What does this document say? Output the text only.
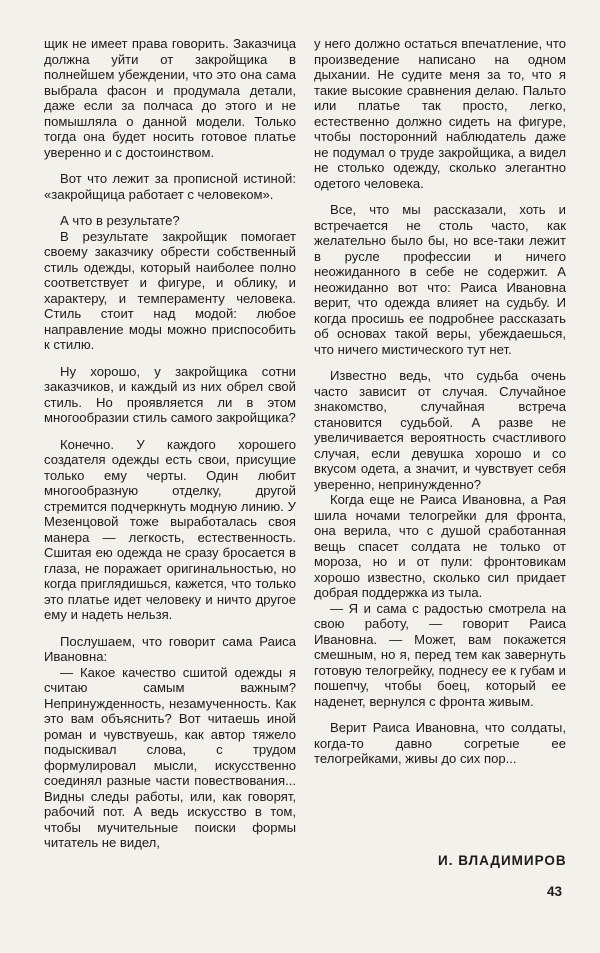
щик не имеет права говорить. Заказчица должна уйти от закройщика в полнейшем убеждении, что это она сама выбрала фасон и продумала детали, даже если за полчаса до этого и не помышляла о данной модели. Только тогда она будет носить готовое платье уверенно и с достоинством.

Вот что лежит за прописной истиной: «закройщица работает с человеком».

А что в результате?

В результате закройщик помогает своему заказчику обрести собственный стиль одежды, который наиболее полно соответствует и фигуре, и облику, и характеру, и темпераменту человека. Стиль стоит над модой: любое направление моды можно приспособить к стилю.

Ну хорошо, у закройщика сотни заказчиков, и каждый из них обрел свой стиль. Но проявляется ли в этом многообразии стиль самого закройщика?

Конечно. У каждого хорошего создателя одежды есть свои, присущие только ему черты. Один любит многообразную отделку, другой стремится подчеркнуть модную линию. У Мезенцовой тоже выработалась своя манера — легкость, естественность. Сшитая ею одежда не сразу бросается в глаза, не поражает оригинальностью, но когда приглядишься, кажется, что только это платье идет человеку и ничто другое ему и надеть нельзя.

Послушаем, что говорит сама Раиса Ивановна:

— Какое качество сшитой одежды я считаю самым важным? Непринужденность, незамученность. Как это вам объяснить? Вот читаешь иной роман и чувствуешь, как автор тяжело подыскивал слова, с трудом формулировал мысли, искусственно соединял разные части повествования... Видны следы работы, или, как говорят, рабочий пот. А ведь искусство в том, чтобы мучительные поиски формы читатель не видел,

у него должно остаться впечатление, что произведение написано на одном дыхании. Не судите меня за то, что я такие высокие сравнения делаю. Пальто или платье так просто, легко, естественно должно сидеть на фигуре, чтобы посторонний наблюдатель даже не подумал о труде закройщика, а видел не столько одежду, сколько элегантно одетого человека.

Все, что мы рассказали, хоть и встречается не столь часто, как желательно было бы, но все-таки лежит в русле профессии и ничего неожиданного в себе не содержит. А неожиданно вот что: Раиса Ивановна верит, что одежда влияет на судьбу. И когда просишь ее подробнее рассказать об основах такой веры, убеждаешься, что ничего мистического тут нет.

Известно ведь, что судьба очень часто зависит от случая. Случайное знакомство, случайная встреча становится судьбой. А разве не увеличивается вероятность счастливого случая, если девушка хорошо и со вкусом одета, а значит, и чувствует себя уверенно, непринужденно?

Когда еще не Раиса Ивановна, а Рая шила ночами телогрейки для фронта, она верила, что с душой сработанная вещь спасет солдата не только от мороза, но и от пули: фронтовикам хорошо известно, сколько сил придает добрая поддержка из тыла.

— Я и сама с радостью смотрела на свою работу, — говорит Раиса Ивановна. — Может, вам покажется смешным, но я, перед тем как завернуть готовую телогрейку, поднесу ее к губам и пошепчу, чтобы боец, который ее наденет, вернулся с фронта живым.

Верит Раиса Ивановна, что солдаты, когда-то давно согретые ее телогрейками, живы до сих пор...

И. ВЛАДИМИРОВ
43
